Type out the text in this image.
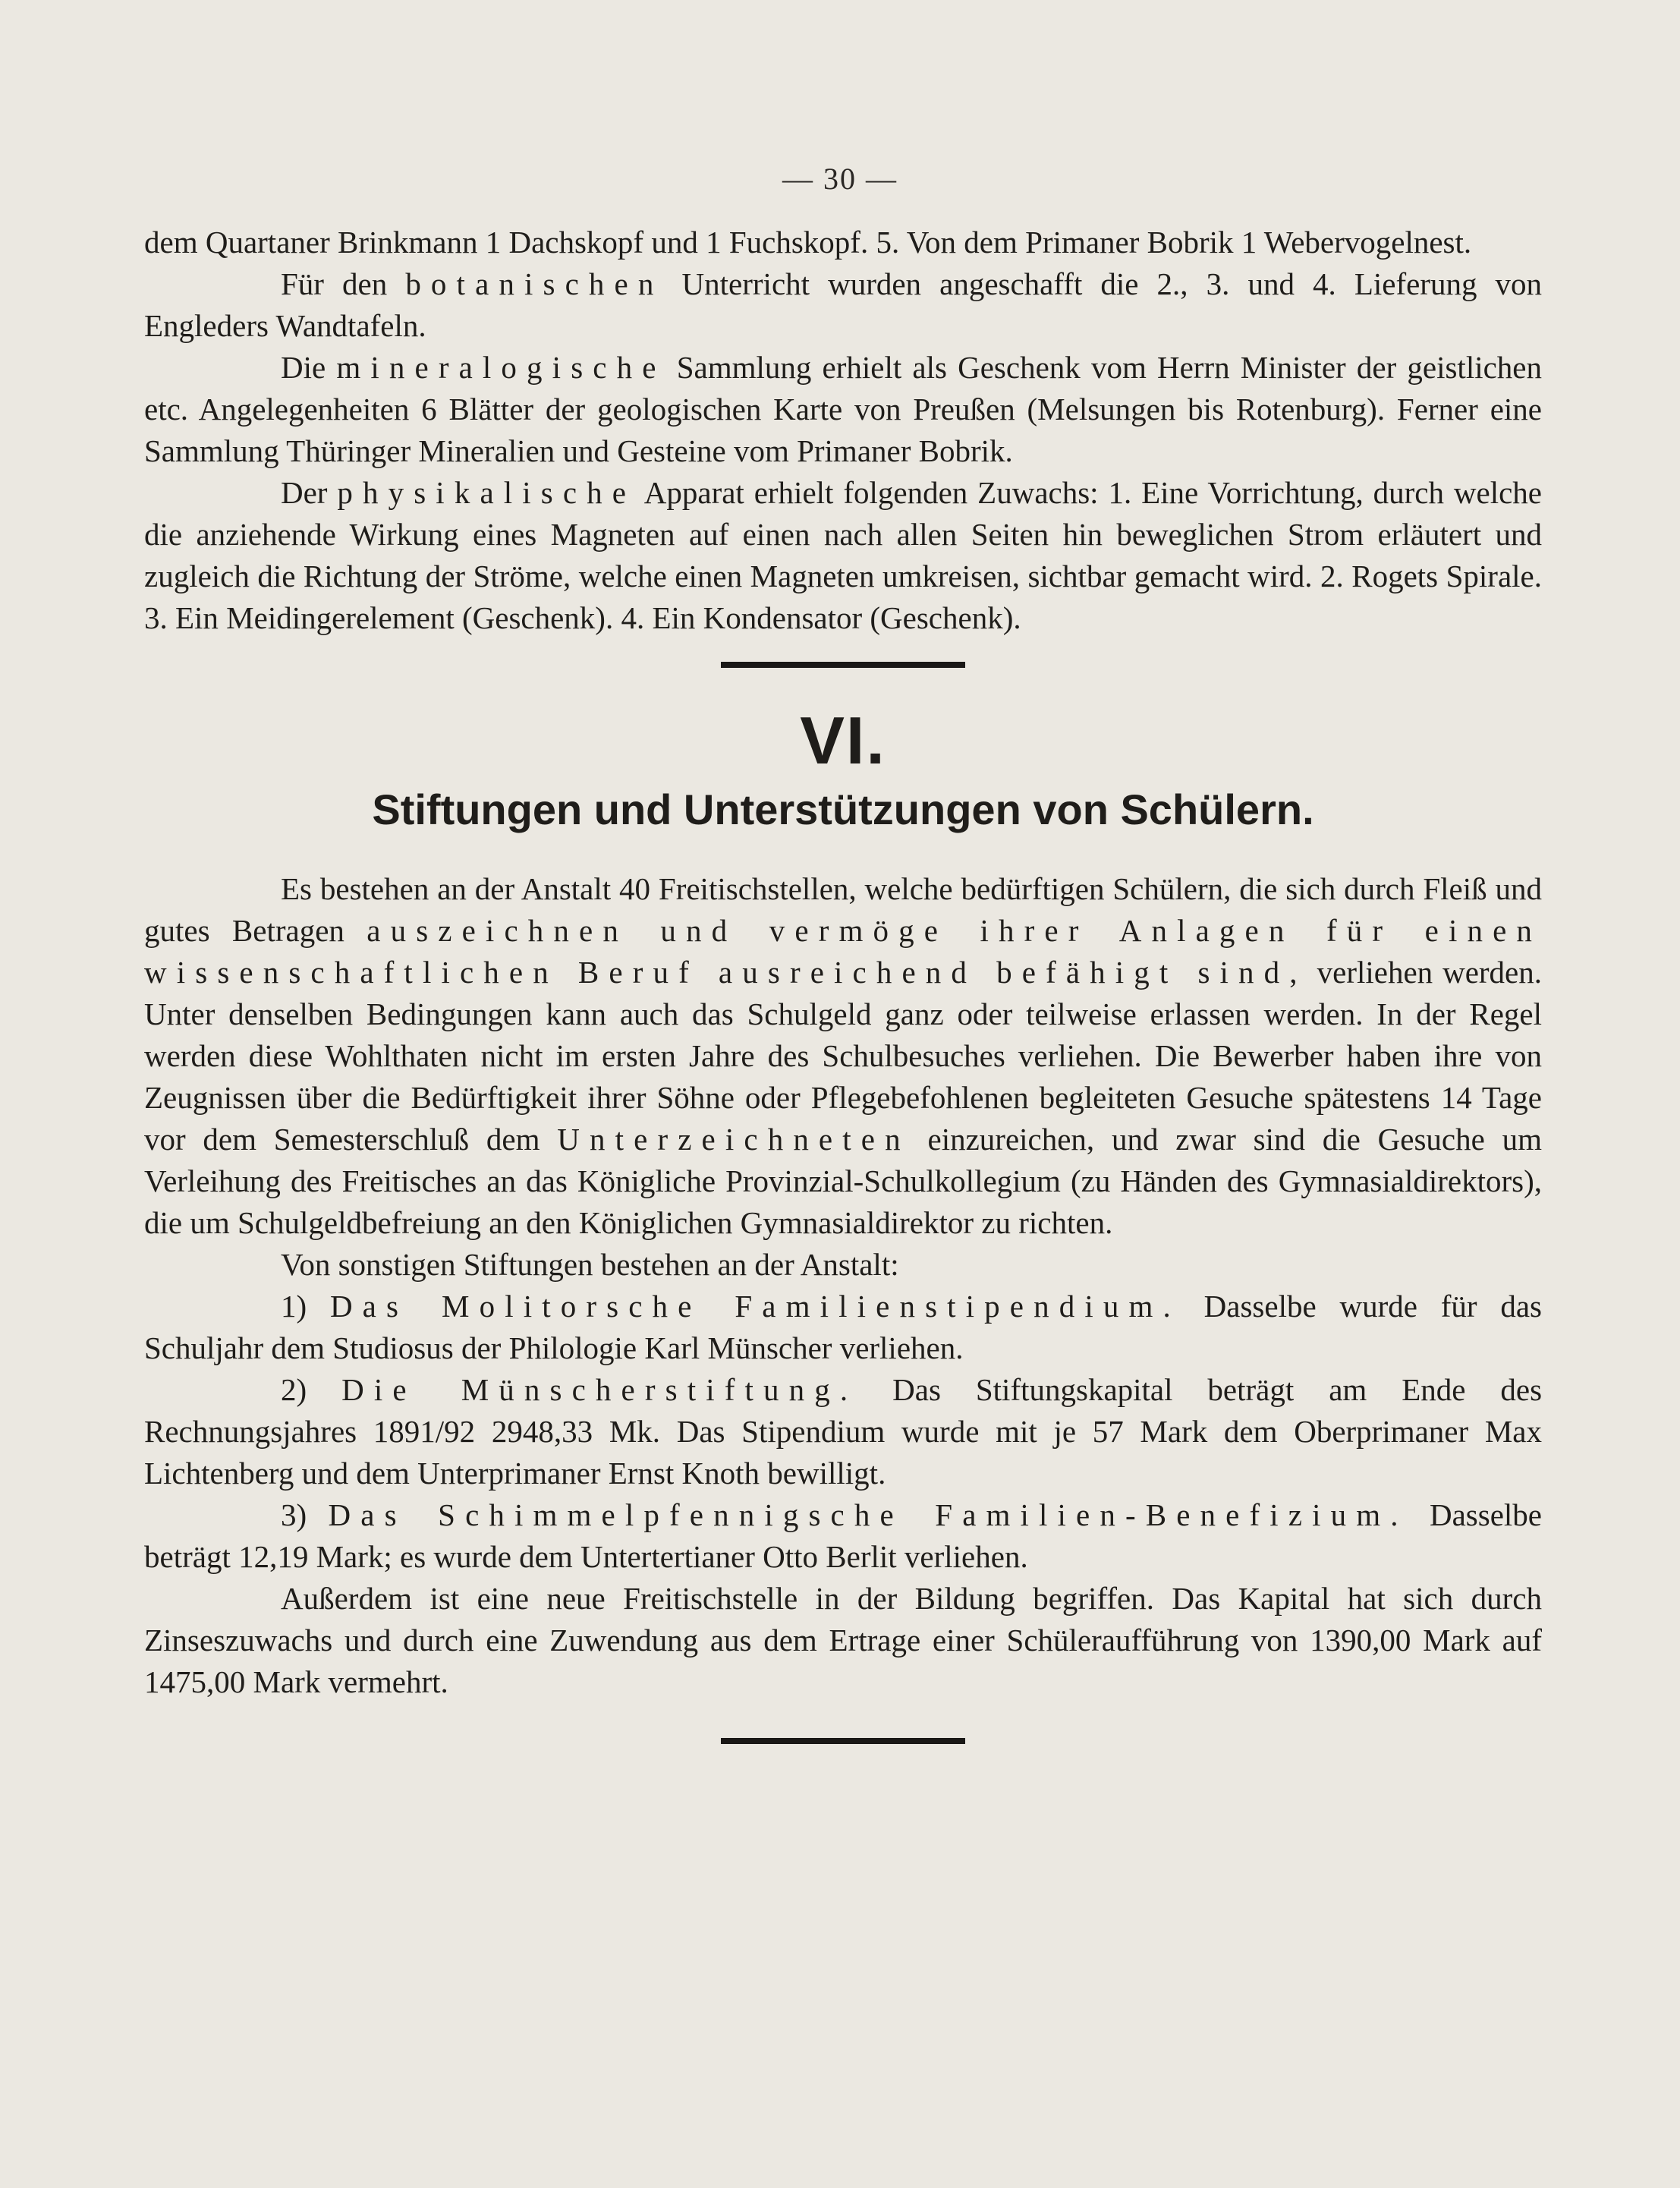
— 30 —

dem Quartaner Brinkmann 1 Dachskopf und 1 Fuchskopf. 5. Von dem Primaner Bobrik 1 Webervogelnest.

Für den botanischen Unterricht wurden angeschafft die 2., 3. und 4. Lieferung von Engleders Wandtafeln.

Die mineralogische Sammlung erhielt als Geschenk vom Herrn Minister der geistlichen etc. Angelegenheiten 6 Blätter der geologischen Karte von Preußen (Melsungen bis Rotenburg). Ferner eine Sammlung Thüringer Mineralien und Gesteine vom Primaner Bobrik.

Der physikalische Apparat erhielt folgenden Zuwachs: 1. Eine Vorrichtung, durch welche die anziehende Wirkung eines Magneten auf einen nach allen Seiten hin beweglichen Strom erläutert und zugleich die Richtung der Ströme, welche einen Magneten umkreisen, sichtbar gemacht wird. 2. Rogets Spirale. 3. Ein Meidingerelement (Geschenk). 4. Ein Kondensator (Geschenk).

VI.
Stiftungen und Unterstützungen von Schülern.

Es bestehen an der Anstalt 40 Freitischstellen, welche bedürftigen Schülern, die sich durch Fleiß und gutes Betragen auszeichnen und vermöge ihrer Anlagen für einen wissenschaftlichen Beruf ausreichend befähigt sind, verliehen werden. Unter denselben Bedingungen kann auch das Schulgeld ganz oder teilweise erlassen werden. In der Regel werden diese Wohlthaten nicht im ersten Jahre des Schulbesuches verliehen. Die Bewerber haben ihre von Zeugnissen über die Bedürftigkeit ihrer Söhne oder Pflegebefohlenen begleiteten Gesuche spätestens 14 Tage vor dem Semesterschluß dem Unterzeichneten einzureichen, und zwar sind die Gesuche um Verleihung des Freitisches an das Königliche Provinzial-Schulkollegium (zu Händen des Gymnasialdirektors), die um Schulgeldbefreiung an den Königlichen Gymnasialdirektor zu richten.

Von sonstigen Stiftungen bestehen an der Anstalt:

1) Das Molitorsche Familienstipendium. Dasselbe wurde für das Schuljahr dem Studiosus der Philologie Karl Münscher verliehen.

2) Die Münscherstiftung. Das Stiftungskapital beträgt am Ende des Rechnungsjahres 1891/92 2948,33 Mk. Das Stipendium wurde mit je 57 Mark dem Oberprimaner Max Lichtenberg und dem Unterprimaner Ernst Knoth bewilligt.

3) Das Schimmelpfennigsche Familien-Benefizium. Dasselbe beträgt 12,19 Mark; es wurde dem Untertertianer Otto Berlit verliehen.

Außerdem ist eine neue Freitischstelle in der Bildung begriffen. Das Kapital hat sich durch Zinseszuwachs und durch eine Zuwendung aus dem Ertrage einer Schüleraufführung von 1390,00 Mark auf 1475,00 Mark vermehrt.
